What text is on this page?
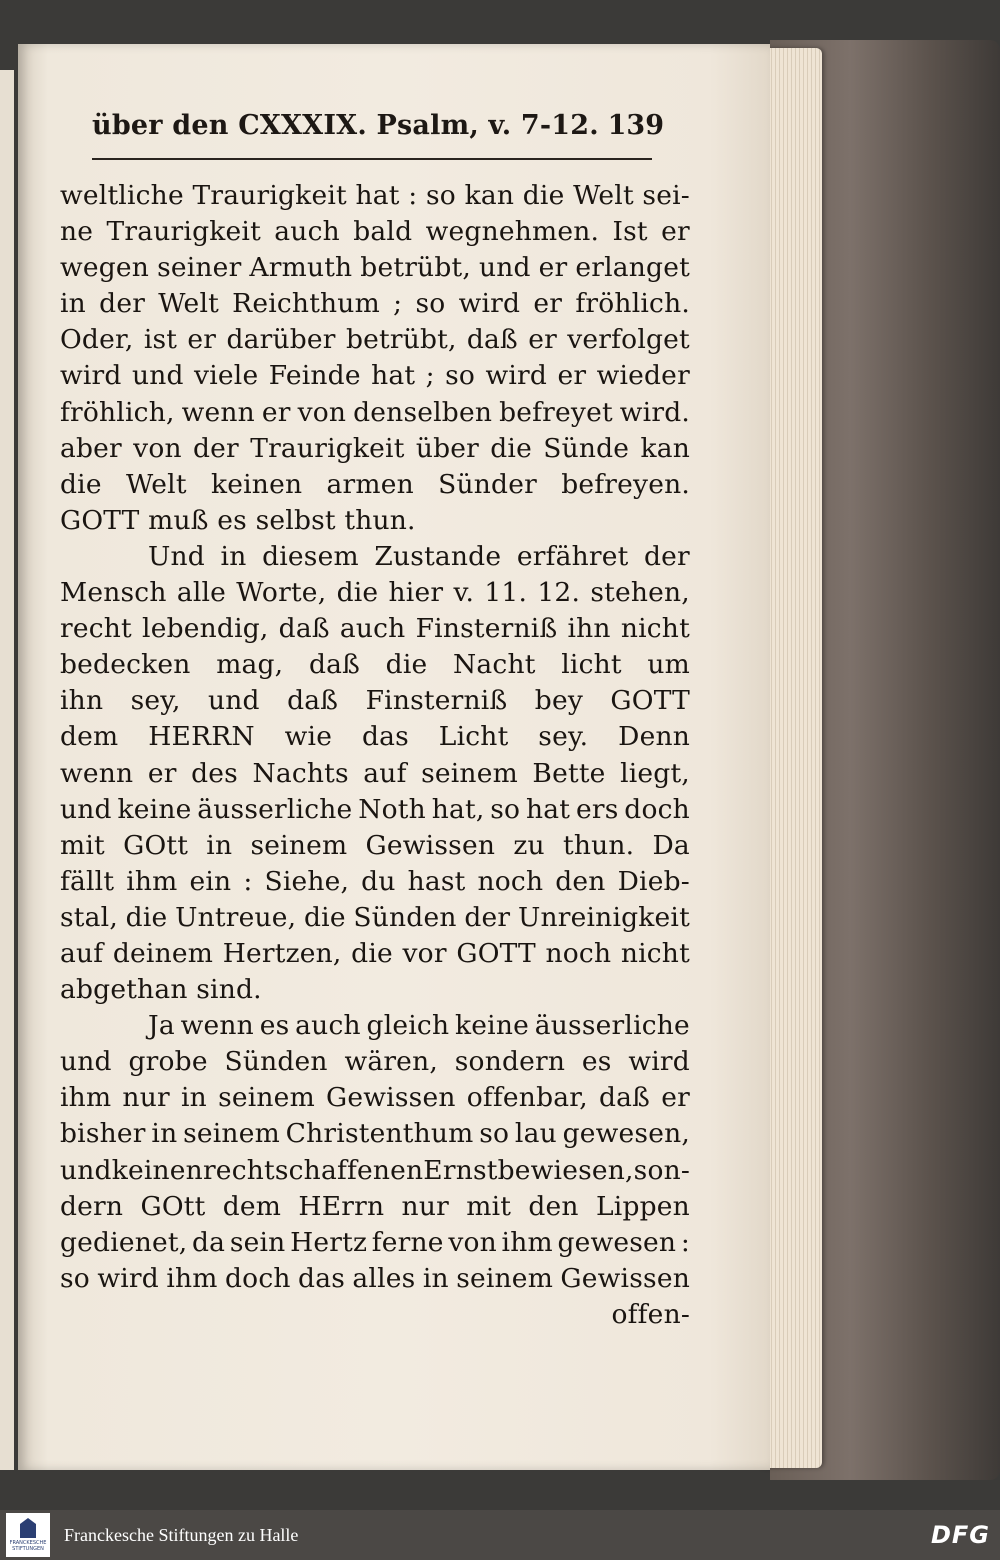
über den CXXXIX. Psalm, v. 7-12. 139
weltliche Traurigkeit hat : so kan die Welt sei-
ne Traurigkeit auch bald wegnehmen. Ist er
wegen seiner Armuth betrübt, und er erlanget
in der Welt Reichthum ; so wird er fröhlich.
Oder, ist er darüber betrübt, daß er verfolget
wird und viele Feinde hat ; so wird er wieder
fröhlich, wenn er von denselben befreyet wird.
aber von der Traurigkeit über die Sünde kan
die Welt keinen armen Sünder befreyen.
GOTT muß es selbst thun.
Und in diesem Zustande erfähret der
Mensch alle Worte, die hier v. 11. 12. stehen,
recht lebendig, daß auch Finsterniß ihn nicht
bedecken mag, daß die Nacht licht um
ihn sey, und daß Finsterniß bey GOTT
dem HERRN wie das Licht sey. Denn
wenn er des Nachts auf seinem Bette liegt,
und keine äusserliche Noth hat, so hat ers doch
mit GOtt in seinem Gewissen zu thun. Da
fällt ihm ein : Siehe, du hast noch den Dieb-
stal, die Untreue, die Sünden der Unreinigkeit
auf deinem Hertzen, die vor GOTT noch nicht
abgethan sind.
Ja wenn es auch gleich keine äusserliche
und grobe Sünden wären, sondern es wird
ihm nur in seinem Gewissen offenbar, daß er
bisher in seinem Christenthum so lau gewesen,
und keinen rechtschaffenen Ernst bewiesen, son-
dern GOtt dem HErrn nur mit den Lippen
gedienet, da sein Hertz ferne von ihm gewesen :
so wird ihm doch das alles in seinem Gewissen
offen-
FRANCKESCHE STIFTUNGEN
Franckesche Stiftungen zu Halle	DFG
